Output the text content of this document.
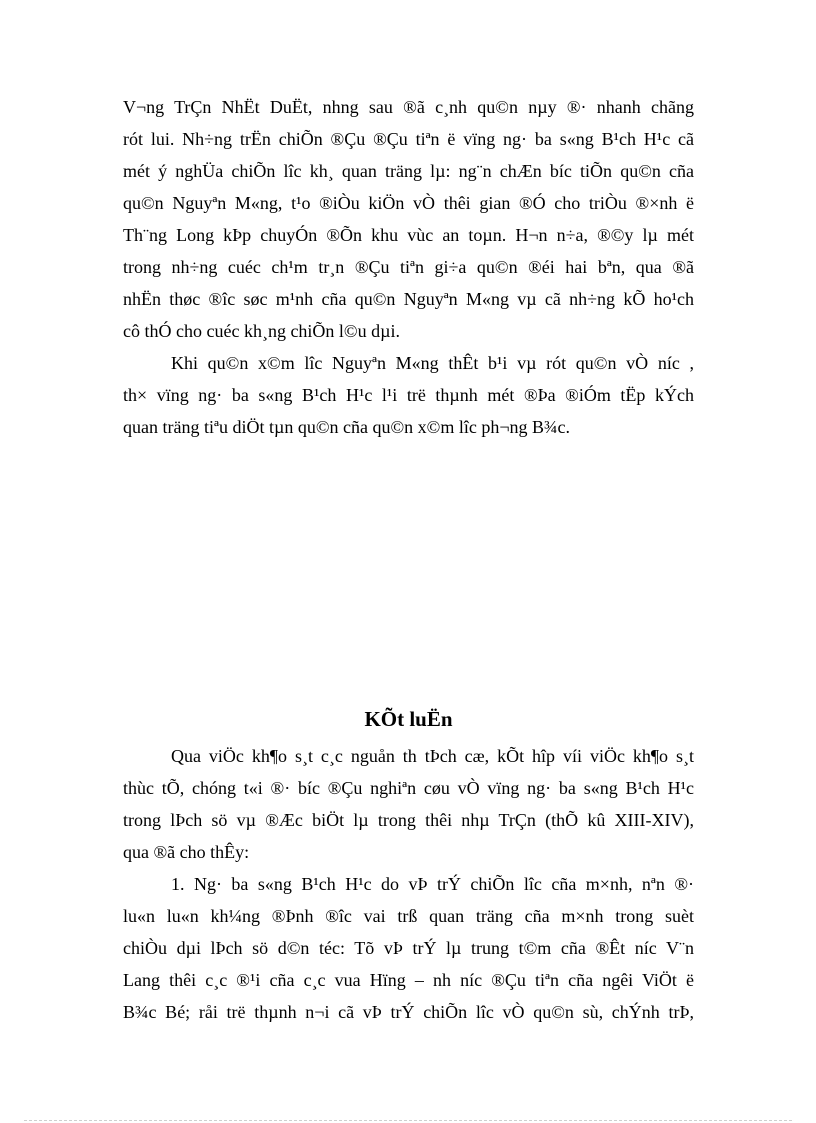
V¬ng TrÇn NhËt DuËt, nhng sau ®ã c¸nh qu©n nµy ®· nhanh chãng
rót lui. Nh÷ng trËn chiÕn ®Çu ®Çu tiªn ë vïng ng· ba s«ng B¹ch H¹c cã
mét ý nghÜa chiÕn lîc kh¸ quan träng lµ: ng¨n chÆn bíc tiÕn qu©n cña
qu©n Nguyªn M«ng, t¹o ®iÒu kiÖn vÒ thêi gian ®Ó cho triÒu ®×nh ë
Th¨ng Long kÞp chuyÓn ®Õn khu vùc an toµn. H¬n n÷a, ®©y lµ mét
trong nh÷ng cuéc ch¹m tr¸n ®Çu tiªn gi÷a qu©n ®éi hai bªn, qua ®ã
nhËn thøc ®îc søc m¹nh cña qu©n Nguyªn M«ng vµ cã nh÷ng kÕ ho¹ch
cô thÓ cho cuéc kh¸ng chiÕn l©u dµi.

Khi qu©n x©m lîc Nguyªn M«ng thÊt b¹i vµ rót qu©n vÒ níc ,
th× vïng ng· ba s«ng B¹ch H¹c l¹i trë thµnh mét ®Þa ®iÓm tËp kÝch
quan träng tiªu diÖt tµn qu©n cña qu©n x©m lîc ph¬ng B¾c.

KÕt luËn

Qua viÖc kh¶o s¸t c¸c nguån th tÞch cæ, kÕt hîp víi viÖc kh¶o s¸t
thùc tÕ, chóng t«i ®· bíc ®Çu nghiªn cøu vÒ vïng ng· ba s«ng B¹ch H¹c
trong lÞch sö vµ ®Æc biÖt lµ trong thêi nhµ TrÇn (thÕ kû XIII-XIV),
qua ®ã cho thÊy:

1. Ng· ba s«ng B¹ch H¹c do vÞ trÝ chiÕn lîc cña m×nh, nªn ®·
lu«n lu«n kh¼ng ®Þnh ®îc vai trß quan träng cña m×nh trong suèt
chiÒu dµi lÞch sö d©n téc: Tõ vÞ trÝ lµ trung t©m cña ®Êt níc V¨n
Lang thêi c¸c ®¹i cña c¸c vua Hïng – nh níc ®Çu tiªn cña ngêi ViÖt ë
B¾c Bé; råi trë thµnh n¬i cã vÞ trÝ chiÕn lîc vÒ qu©n sù, chÝnh trÞ,
